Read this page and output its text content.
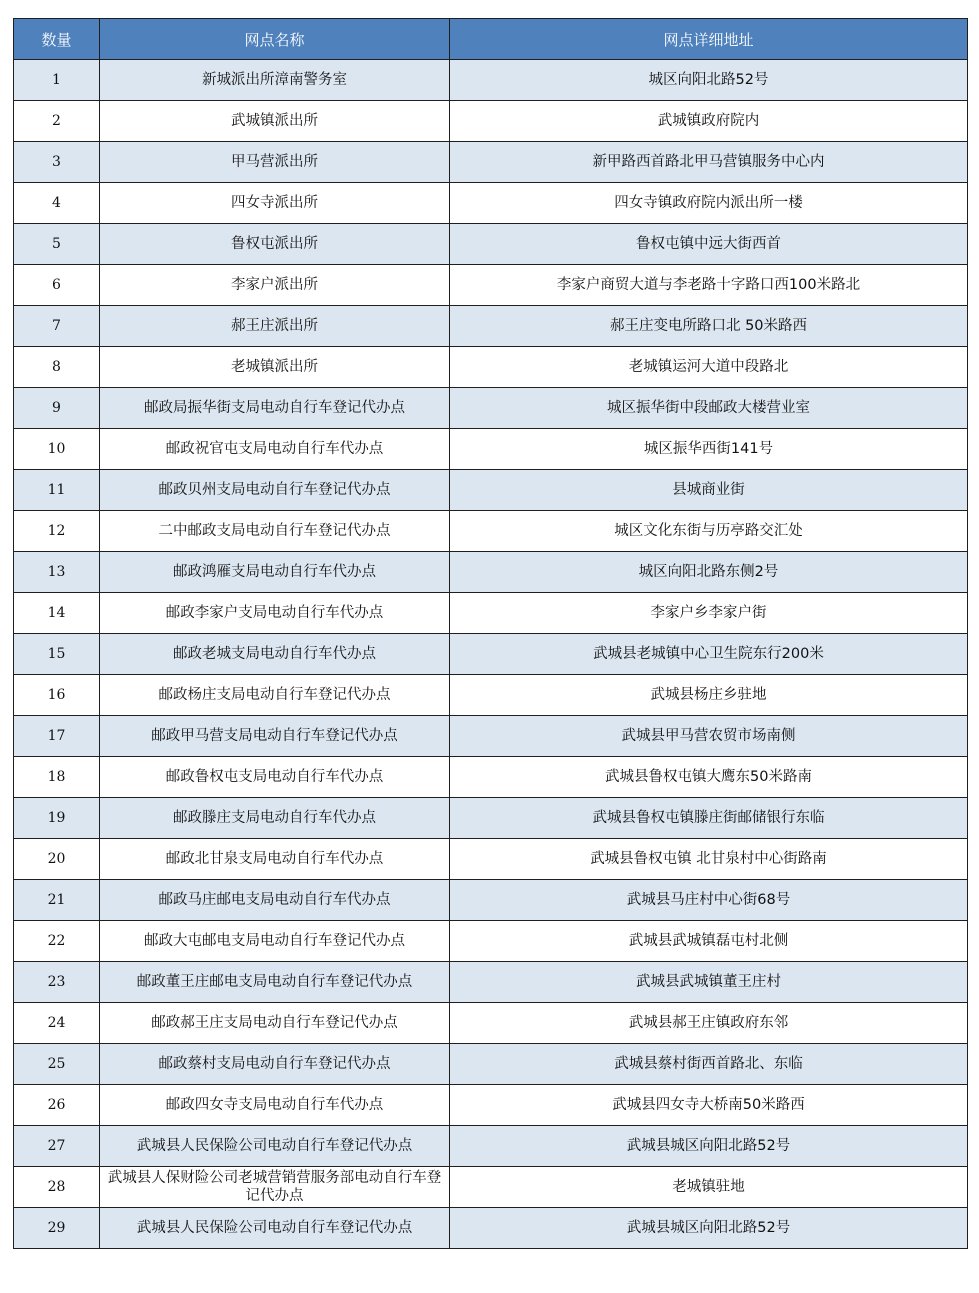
数量	网点名称	网点详细地址
1	新城派出所漳南警务室	城区向阳北路52号
2	武城镇派出所	武城镇政府院内
3	甲马营派出所	新甲路西首路北甲马营镇服务中心内
4	四女寺派出所	四女寺镇政府院内派出所一楼
5	鲁权屯派出所	鲁权屯镇中远大街西首
6	李家户派出所	李家户商贸大道与李老路十字路口西100米路北
7	郝王庄派出所	郝王庄变电所路口北 50米路西
8	老城镇派出所	老城镇运河大道中段路北
9	邮政局振华街支局电动自行车登记代办点	城区振华街中段邮政大楼营业室
10	邮政祝官屯支局电动自行车代办点	城区振华西街141号
11	邮政贝州支局电动自行车登记代办点	县城商业街
12	二中邮政支局电动自行车登记代办点	城区文化东街与历亭路交汇处
13	邮政鸿雁支局电动自行车代办点	城区向阳北路东侧2号
14	邮政李家户支局电动自行车代办点	李家户乡李家户街
15	邮政老城支局电动自行车代办点	武城县老城镇中心卫生院东行200米
16	邮政杨庄支局电动自行车登记代办点	武城县杨庄乡驻地
17	邮政甲马营支局电动自行车登记代办点	武城县甲马营农贸市场南侧
18	邮政鲁权屯支局电动自行车代办点	武城县鲁权屯镇大鹰东50米路南
19	邮政滕庄支局电动自行车代办点	武城县鲁权屯镇滕庄街邮储银行东临
20	邮政北甘泉支局电动自行车代办点	武城县鲁权屯镇 北甘泉村中心街路南
21	邮政马庄邮电支局电动自行车代办点	武城县马庄村中心街68号
22	邮政大屯邮电支局电动自行车登记代办点	武城县武城镇磊屯村北侧
23	邮政董王庄邮电支局电动自行车登记代办点	武城县武城镇董王庄村
24	邮政郝王庄支局电动自行车登记代办点	武城县郝王庄镇政府东邻
25	邮政蔡村支局电动自行车登记代办点	武城县蔡村街西首路北、东临
26	邮政四女寺支局电动自行车代办点	武城县四女寺大桥南50米路西
27	武城县人民保险公司电动自行车登记代办点	武城县城区向阳北路52号
28	武城县人保财险公司老城营销营服务部电动自行车登记代办点	老城镇驻地
29	武城县人民保险公司电动自行车登记代办点	武城县城区向阳北路52号
